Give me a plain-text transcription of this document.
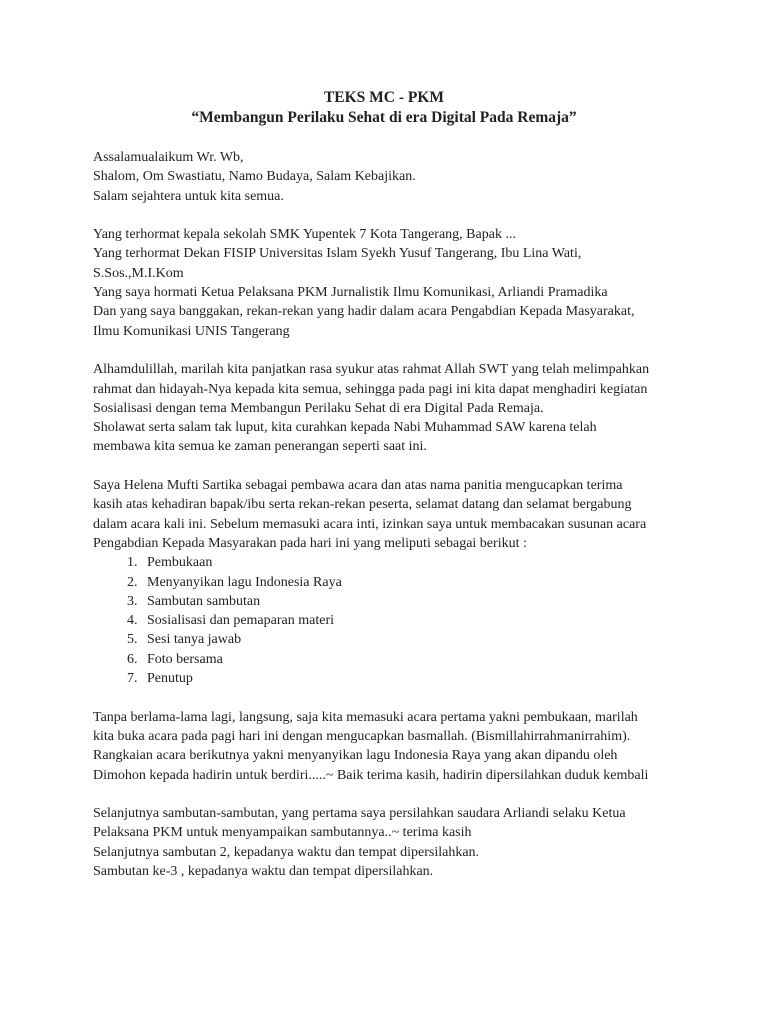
TEKS MC - PKM
“Membangun Perilaku Sehat di era Digital Pada Remaja”

Assalamualaikum Wr. Wb,
Shalom, Om Swastiatu, Namo Budaya, Salam Kebajikan.
Salam sejahtera untuk kita semua.

Yang terhormat kepala sekolah SMK Yupentek 7 Kota Tangerang, Bapak ...
Yang terhormat Dekan FISIP Universitas Islam Syekh Yusuf Tangerang, Ibu Lina Wati,
S.Sos.,M.I.Kom
Yang saya hormati Ketua Pelaksana PKM Jurnalistik Ilmu Komunikasi, Arliandi Pramadika
Dan yang saya banggakan, rekan-rekan yang hadir dalam acara Pengabdian Kepada Masyarakat,
Ilmu Komunikasi UNIS Tangerang

Alhamdulillah, marilah kita panjatkan rasa syukur atas rahmat Allah SWT yang telah melimpahkan
rahmat dan hidayah-Nya kepada kita semua, sehingga pada pagi ini kita dapat menghadiri kegiatan
Sosialisasi dengan tema Membangun Perilaku Sehat di era Digital Pada Remaja.
Sholawat serta salam tak luput, kita curahkan kepada Nabi Muhammad SAW karena telah
membawa kita semua ke zaman penerangan seperti saat ini.

Saya Helena Mufti Sartika sebagai pembawa acara dan atas nama panitia mengucapkan terima
kasih atas kehadiran bapak/ibu serta rekan-rekan peserta, selamat datang dan selamat bergabung
dalam acara kali ini. Sebelum memasuki acara inti, izinkan saya untuk membacakan susunan acara
Pengabdian Kepada Masyarakan pada hari ini yang meliputi sebagai berikut :

1. Pembukaan
2. Menyanyikan lagu Indonesia Raya
3. Sambutan sambutan
4. Sosialisasi dan pemaparan materi
5. Sesi tanya jawab
6. Foto bersama
7. Penutup

Tanpa berlama-lama lagi, langsung, saja kita memasuki acara pertama yakni pembukaan, marilah
kita buka acara pada pagi hari ini dengan mengucapkan basmallah. (Bismillahirrahmanirrahim).
Rangkaian acara berikutnya yakni menyanyikan lagu Indonesia Raya yang akan dipandu oleh
Dimohon kepada hadirin untuk berdiri.....~ Baik terima kasih, hadirin dipersilahkan duduk kembali

Selanjutnya sambutan-sambutan, yang pertama saya persilahkan saudara Arliandi selaku Ketua
Pelaksana PKM untuk menyampaikan sambutannya..~ terima kasih
Selanjutnya sambutan 2, kepadanya waktu dan tempat dipersilahkan.
Sambutan ke-3 , kepadanya waktu dan tempat dipersilahkan.
